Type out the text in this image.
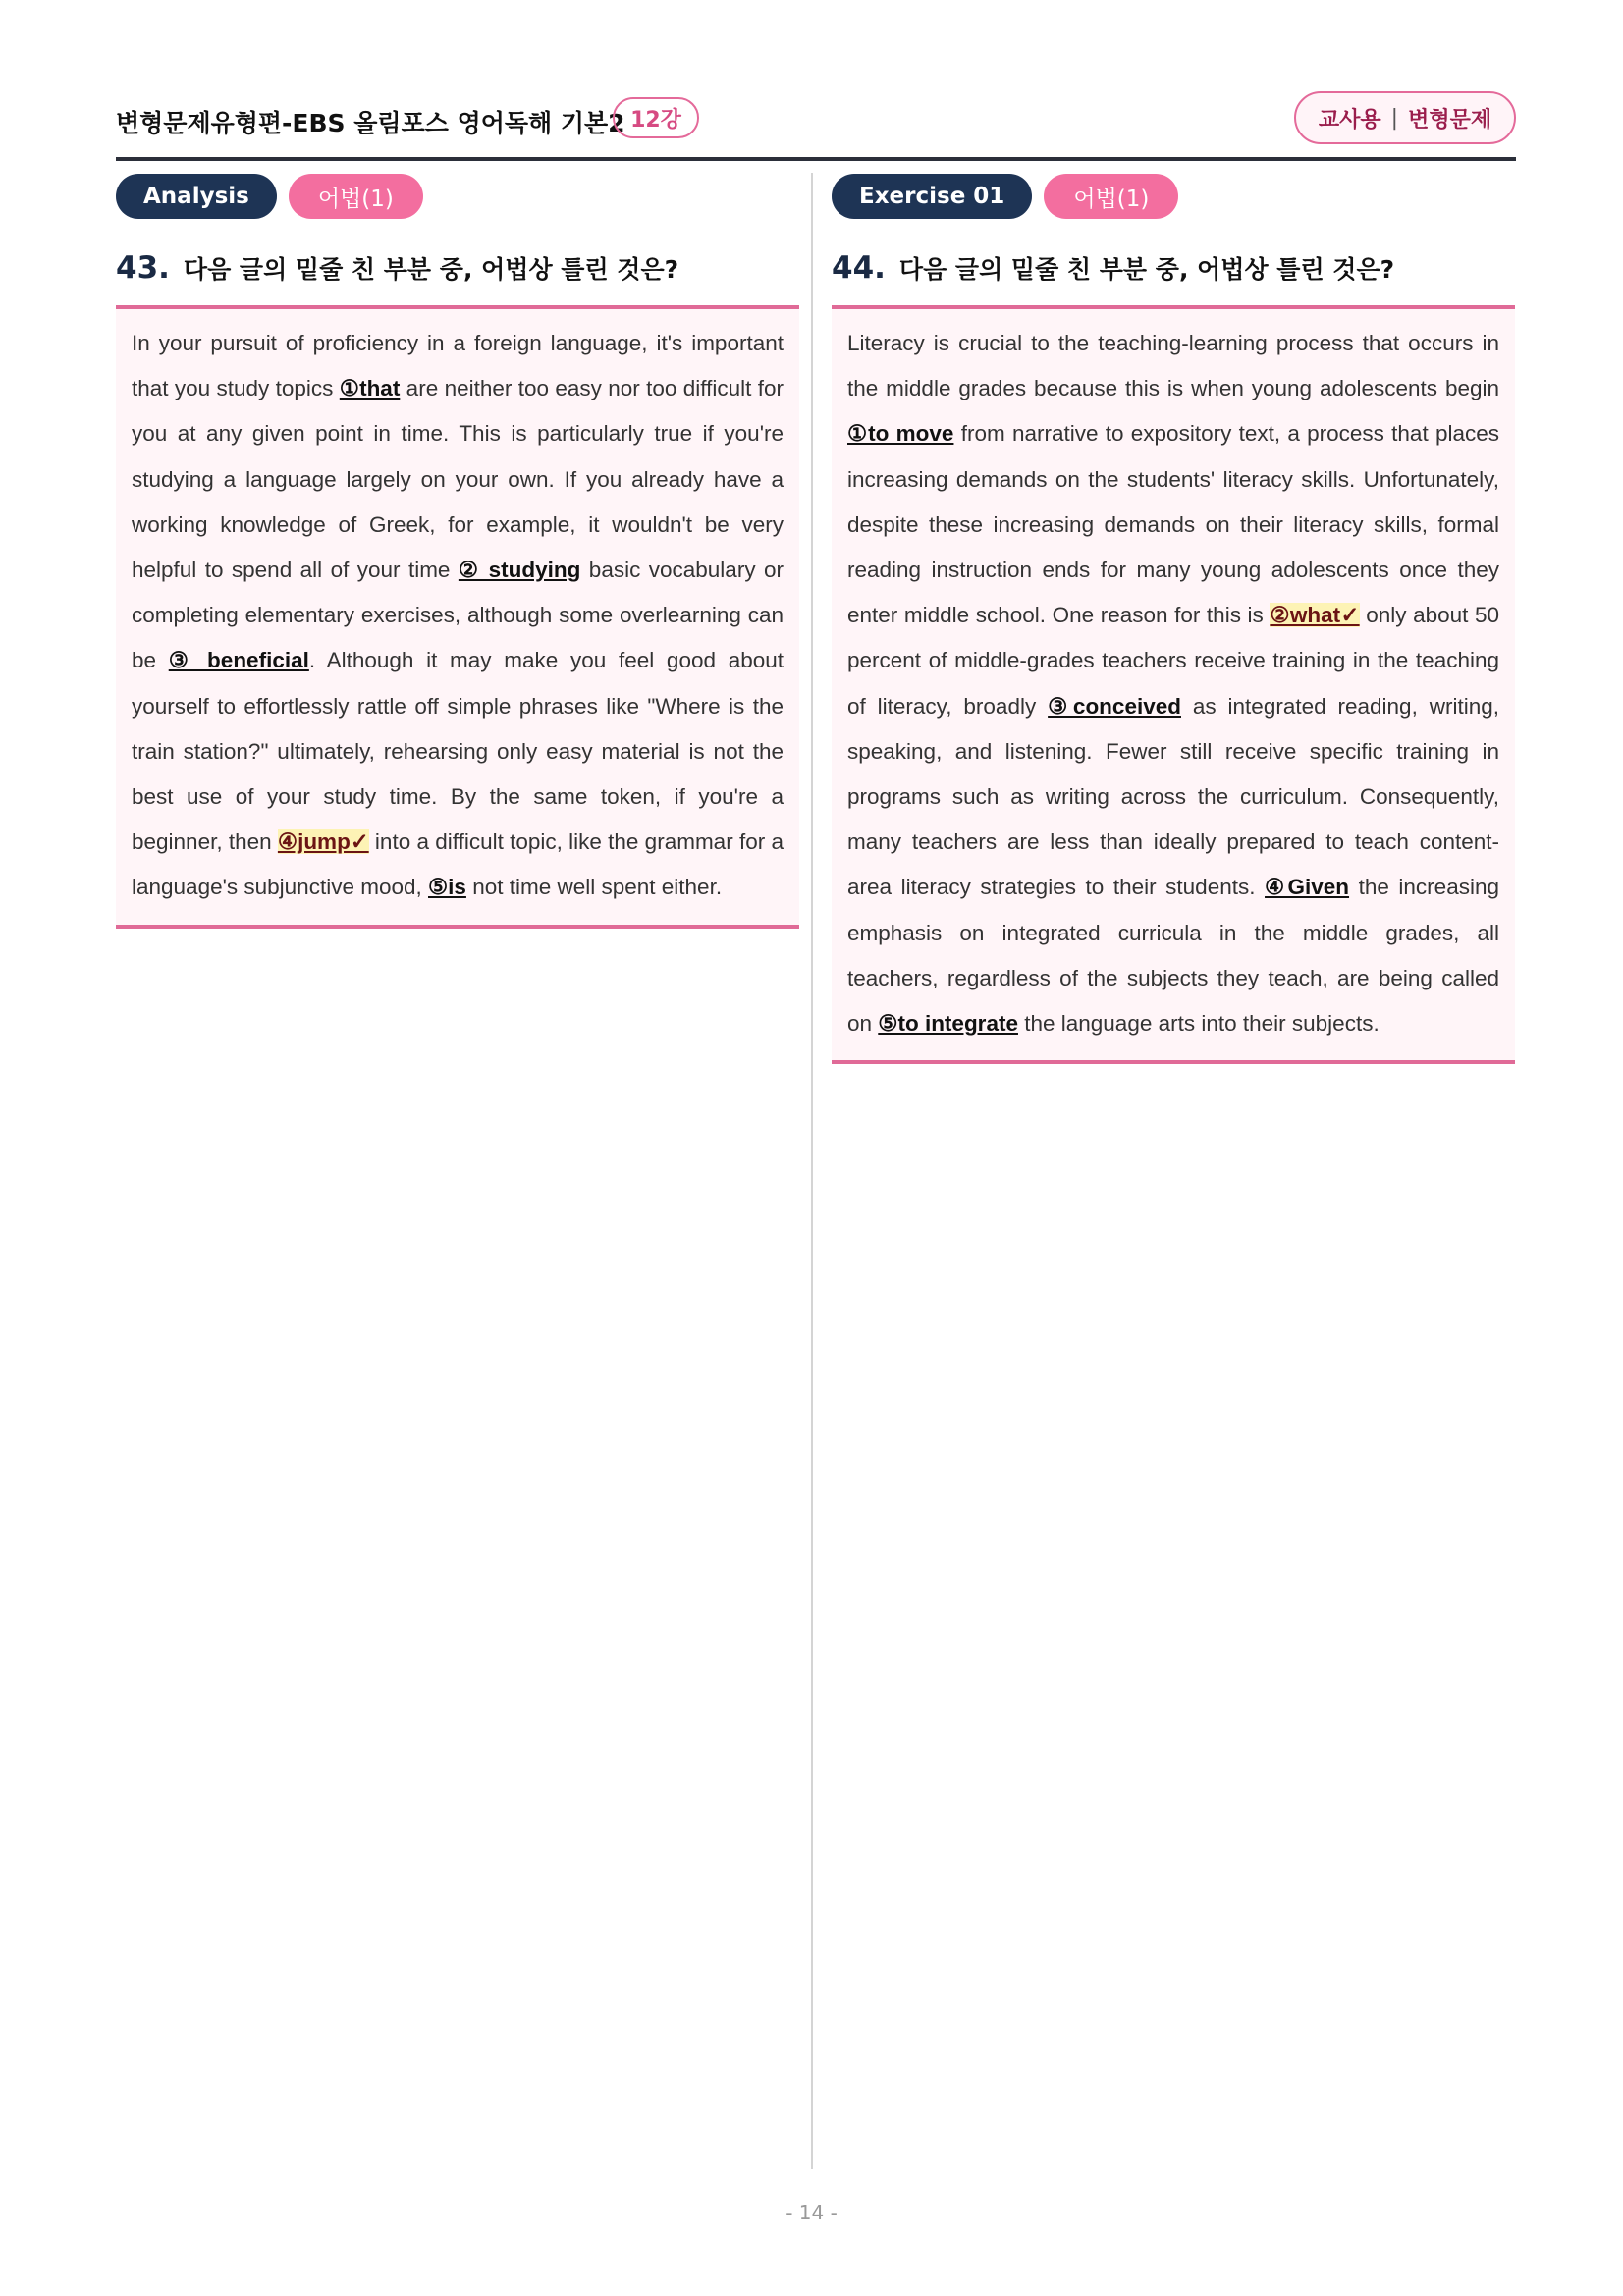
변형문제유형편-EBS 올림포스 영어독해 기본2 12강	교사용 | 변형문제
Analysis	어법(1)
43. 다음 글의 밑줄 친 부분 중, 어법상 틀린 것은?
In your pursuit of proficiency in a foreign language, it's important that you study topics ①that are neither too easy nor too difficult for you at any given point in time. This is particularly true if you're studying a language largely on your own. If you already have a working knowledge of Greek, for example, it wouldn't be very helpful to spend all of your time ② studying basic vocabulary or completing elementary exercises, although some overlearning can be ③ beneficial. Although it may make you feel good about yourself to effortlessly rattle off simple phrases like "Where is the train station?" ultimately, rehearsing only easy material is not the best use of your study time. By the same token, if you're a beginner, then ④jump✓ into a difficult topic, like the grammar for a language's subjunctive mood, ⑤is not time well spent either.
Exercise 01	어법(1)
44. 다음 글의 밑줄 친 부분 중, 어법상 틀린 것은?
Literacy is crucial to the teaching-learning process that occurs in the middle grades because this is when young adolescents begin ①to move from narrative to expository text, a process that places increasing demands on the students' literacy skills. Unfortunately, despite these increasing demands on their literacy skills, formal reading instruction ends for many young adolescents once they enter middle school. One reason for this is ②what✓ only about 50 percent of middle-grades teachers receive training in the teaching of literacy, broadly ③conceived as integrated reading, writing, speaking, and listening. Fewer still receive specific training in programs such as writing across the curriculum. Consequently, many teachers are less than ideally prepared to teach content-area literacy strategies to their students. ④Given the increasing emphasis on integrated curricula in the middle grades, all teachers, regardless of the subjects they teach, are being called on ⑤to integrate the language arts into their subjects.
- 14 -
